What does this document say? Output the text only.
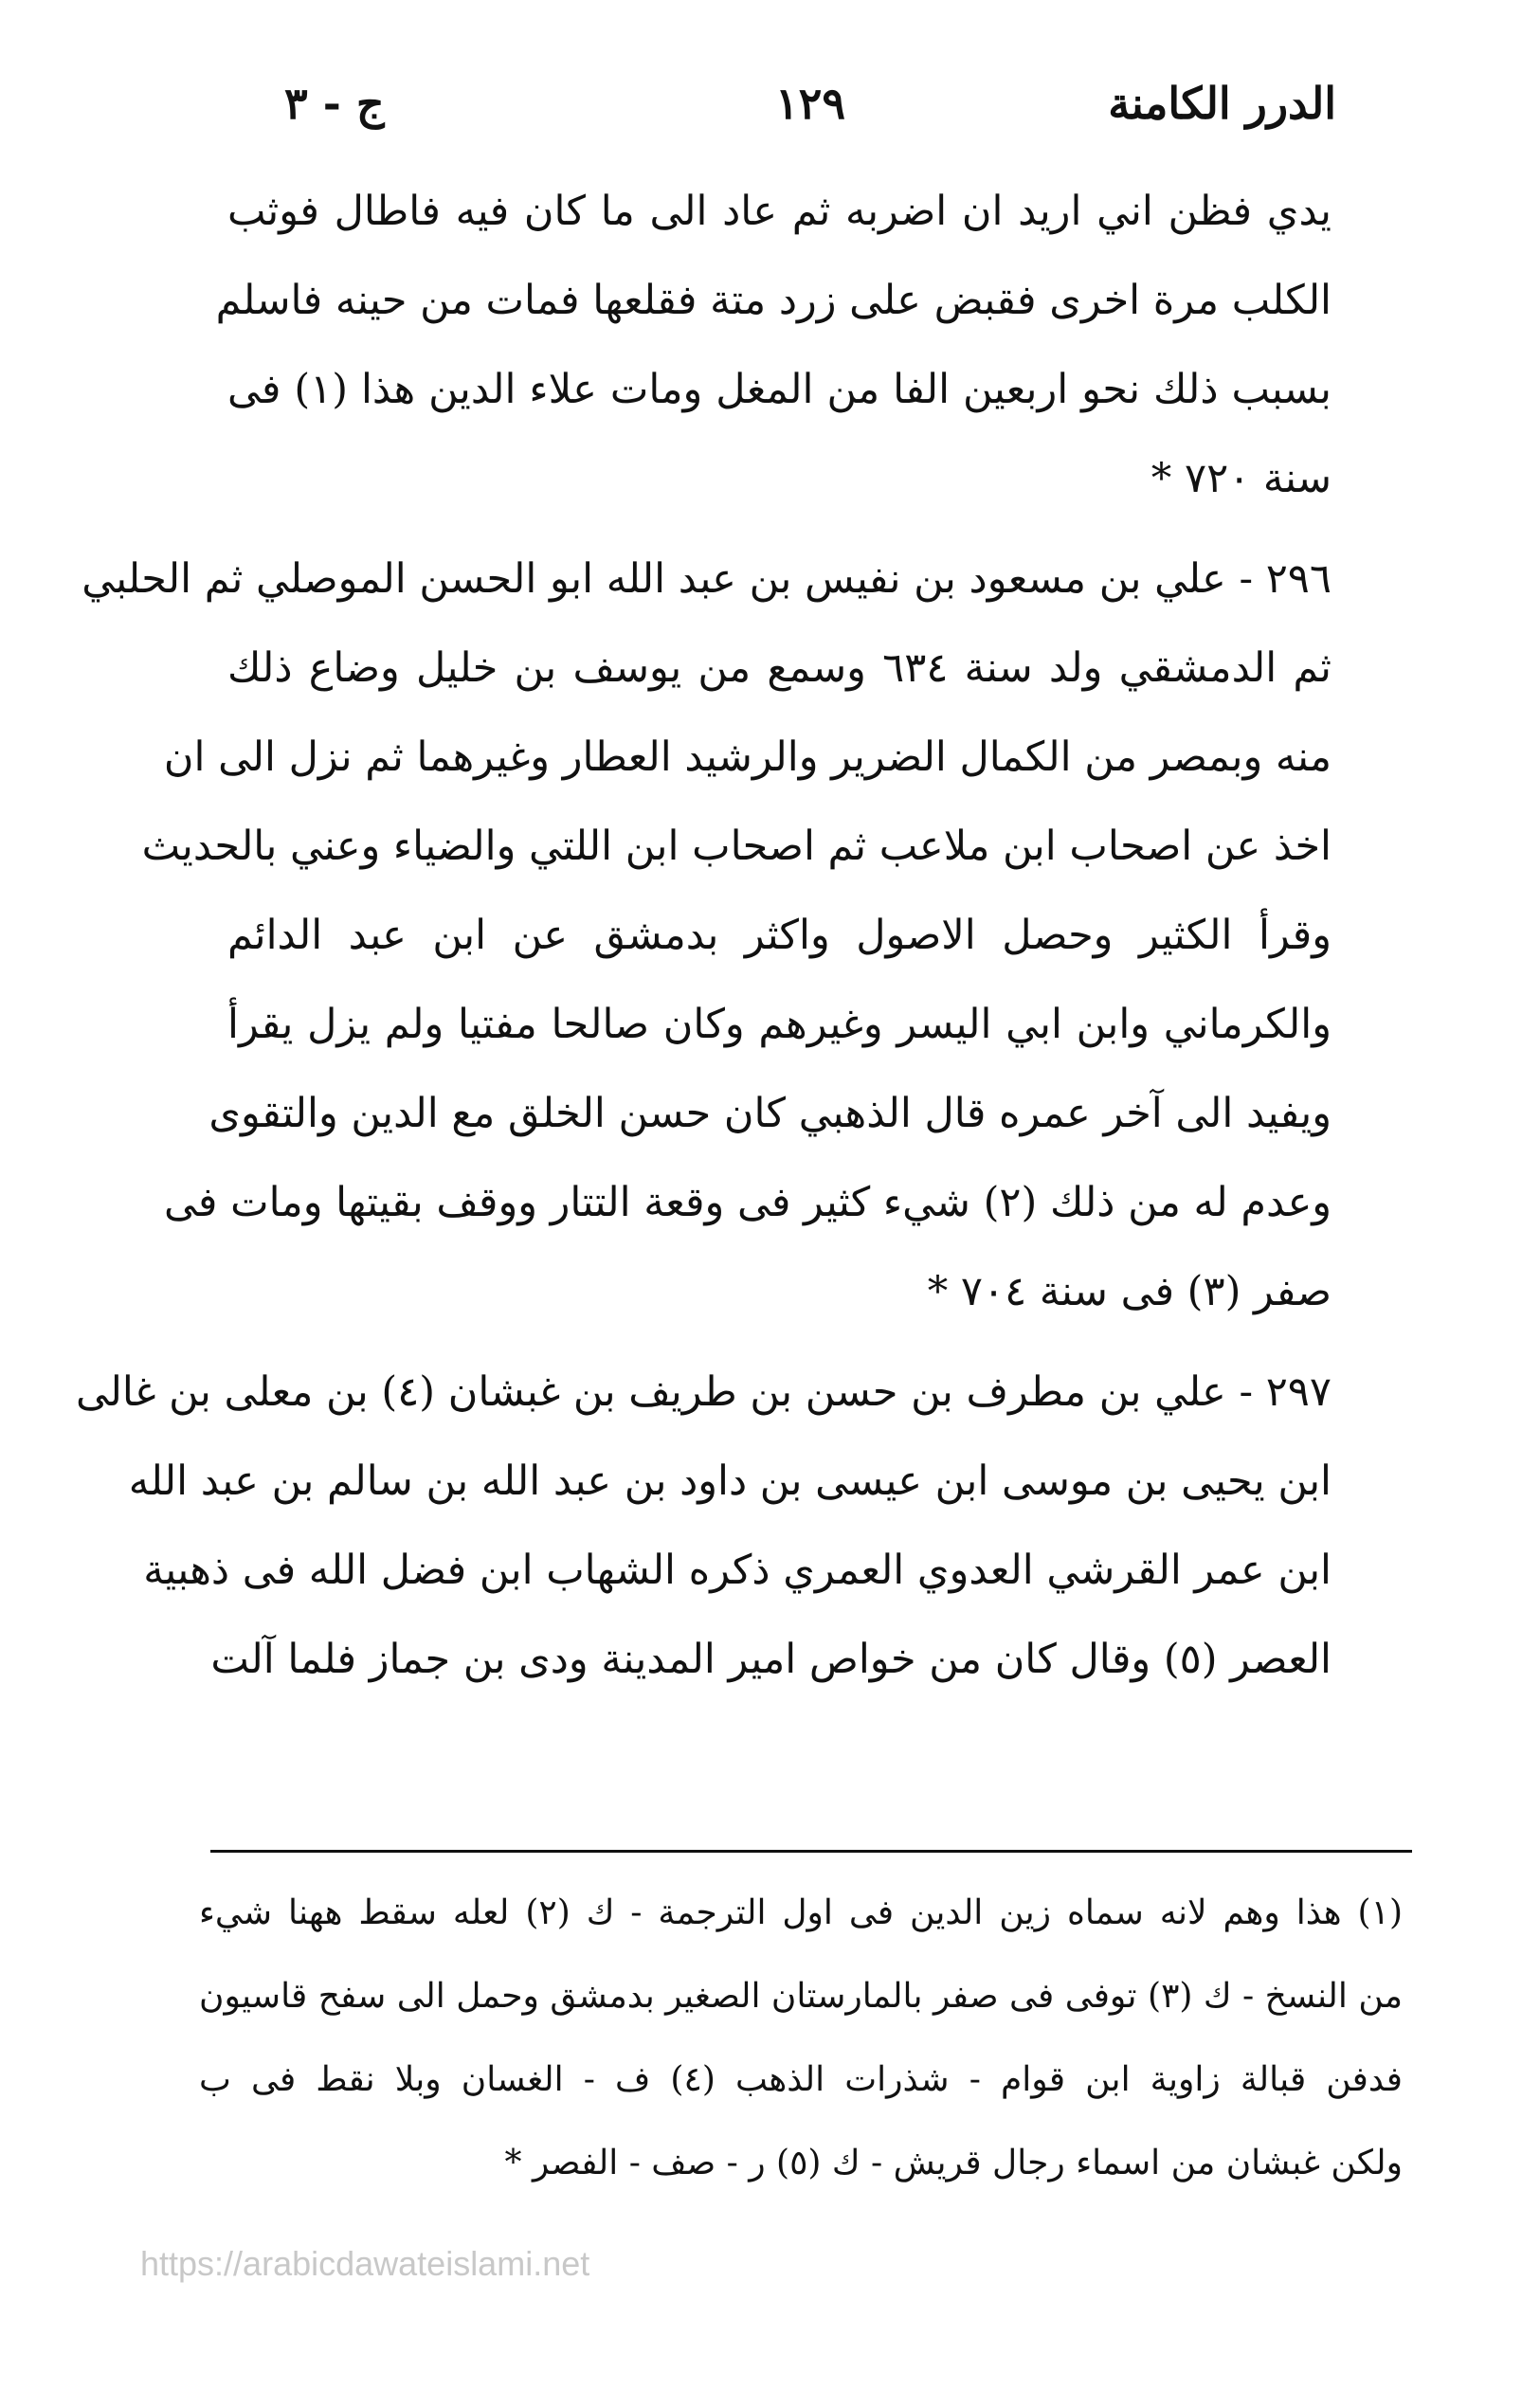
الدرر الكامنة
١٢٩
ج - ٣
يدي فظن اني اريد ان اضربه ثم عاد الى ما كان فيه فاطال فوثب
الكلب مرة اخرى فقبض على زرد متة فقلعها فمات من حينه فاسلم
بسبب ذلك نحو اربعين الفا من المغل ومات علاء الدين هذا (١) فى
سنة ٧٢٠ *
٢٩٦ - علي بن مسعود بن نفيس بن عبد الله ابو الحسن الموصلي ثم الحلبي
ثم الدمشقي ولد سنة ٦٣٤ وسمع من يوسف بن خليل وضاع ذلك
منه وبمصر من الكمال الضرير والرشيد العطار وغيرهما ثم نزل الى ان
اخذ عن اصحاب ابن ملاعب ثم اصحاب ابن اللتي والضياء وعني بالحديث
وقرأ الكثير وحصل الاصول واكثر بدمشق عن ابن عبد الدائم
والكرماني وابن ابي اليسر وغيرهم وكان صالحا مفتيا ولم يزل يقرأ
ويفيد الى آخر عمره قال الذهبي كان حسن الخلق مع الدين والتقوى
وعدم له من ذلك (٢) شيء كثير فى وقعة التتار ووقف بقيتها ومات فى
صفر (٣) فى سنة ٧٠٤ *
٢٩٧ - علي بن مطرف بن حسن بن طريف بن غبشان (٤) بن معلى بن غالى
ابن يحيى بن موسى ابن عيسى بن داود بن عبد الله بن سالم بن عبد الله
ابن عمر القرشي العدوي العمري ذكره الشهاب ابن فضل الله فى ذهبية
العصر (٥) وقال كان من خواص امير المدينة ودى بن جماز فلما آلت
(١) هذا وهم لانه سماه زين الدين فى اول الترجمة - ك (٢) لعله سقط ههنا شيء
من النسخ - ك (٣) توفى فى صفر بالمارستان الصغير بدمشق وحمل الى سفح قاسيون
فدفن قبالة زاوية ابن قوام - شذرات الذهب (٤) ف - الغسان وبلا نقط فى ب
ولكن غبشان من اسماء رجال قريش - ك (٥) ر - صف - الفصر *
https://arabicdawateislami.net
